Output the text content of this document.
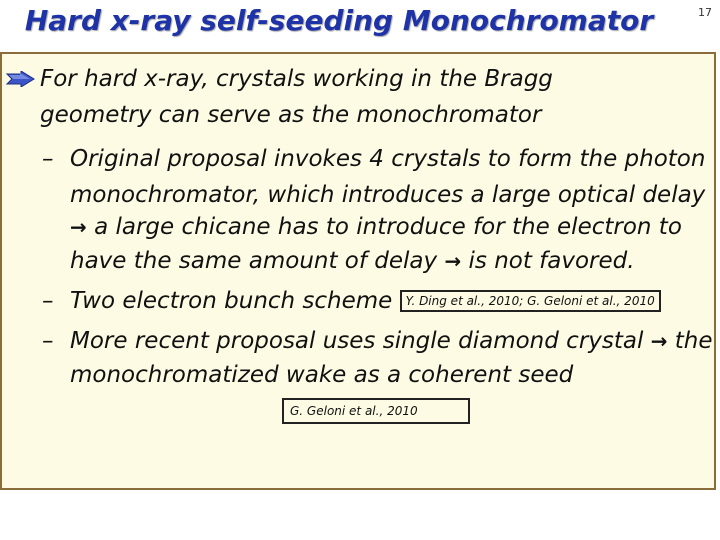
Hard x-ray self-seeding Monochromator	17
For hard x-ray, crystals working in the Bragg
geometry can serve as the monochromator
– Original proposal invokes 4 crystals to form the photon
monochromator, which introduces a large optical delay
→ a large chicane has to introduce for the electron to
have the same amount of delay → is not favored.
– Two electron bunch scheme Y. Ding et al., 2010; G. Geloni et al., 2010
– More recent proposal uses single diamond crystal → the
monochromatized wake as a coherent seed
G. Geloni et al., 2010
